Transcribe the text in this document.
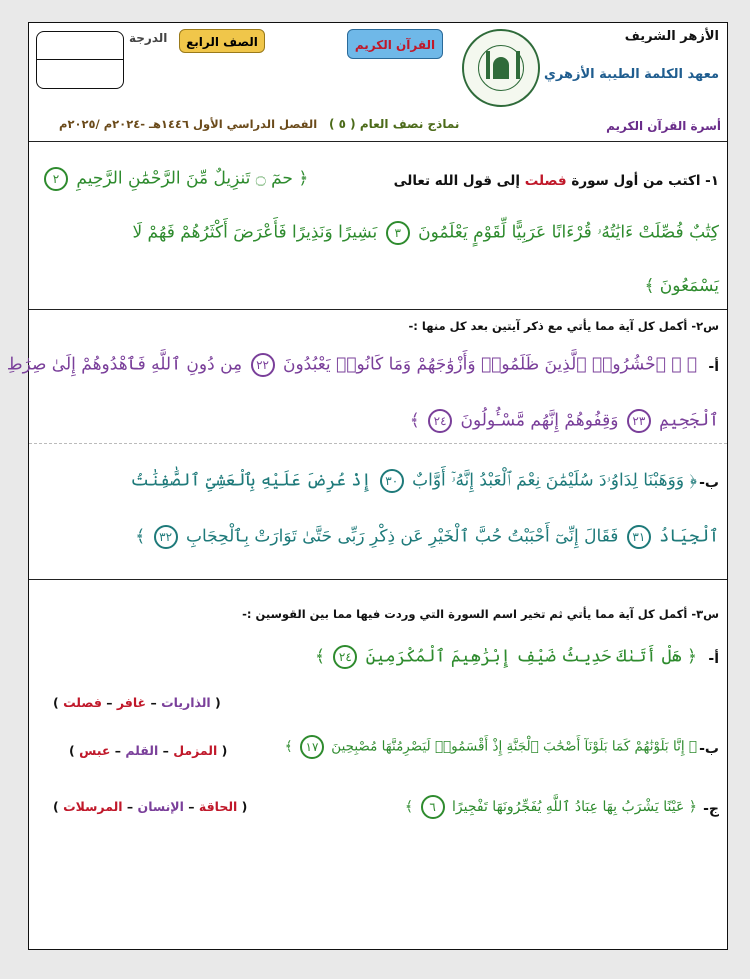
الدرجة	الصف الرابع	القرآن الكريم
الأزهر الشريف
معهد الكلمة الطيبة الأزهري
أسرة القرآن الكريم
نماذج نصف العام ( ٥ )
الفصل الدراسي الأول ١٤٤٦هـ -٢٠٢٤م /٢٠٢٥م
١- اكتب من أول سورة فصلت إلى قول الله تعالى
﴿ حمٓ ۝ تَنزِيلٌ مِّنَ الرَّحْمَٰنِ الرَّحِيمِ ٢
كِتَٰبٌ فُصِّلَتْ ءَايَٰتُهُۥ قُرْءَانًا عَرَبِيًّا لِّقَوْمٍ يَعْلَمُونَ ٣ بَشِيرًا وَنَذِيرًا فَأَعْرَضَ أَكْثَرُهُمْ فَهُمْ لَا
يَسْمَعُونَ ﴾
س٢- أكمل كل آية مما يأتي مع ذكر آيتين بعد كل منها :-
أ-
﴿ ۞ ٱحْشُرُوا۟ ٱلَّذِينَ ظَلَمُوا۟ وَأَزْوَٰجَهُمْ وَمَا كَانُوا۟ يَعْبُدُونَ ٢٢ مِن دُونِ ٱللَّهِ فَٱهْدُوهُمْ إِلَىٰ صِرَٰطِ
ٱلْجَحِيمِ ٢٣ وَقِفُوهُمْ إِنَّهُم مَّسْـُٔولُونَ ٢٤ ﴾
ب-
﴿ وَوَهَبْنَا لِدَاوُۥدَ سُلَيْمَٰنَ نِعْمَ ٱلْعَبْدُ إِنَّهُۥٓ أَوَّابٌ ٣٠ إِذْ عُرِضَ عَلَيْهِ بِٱلْعَشِىِّ ٱلصَّٰفِنَٰتُ
ٱلْجِيَادُ ٣١ فَقَالَ إِنِّىٓ أَحْبَبْتُ حُبَّ ٱلْخَيْرِ عَن ذِكْرِ رَبِّى حَتَّىٰ تَوَارَتْ بِٱلْحِجَابِ ٣٢ ﴾
س٣- أكمل كل آية مما يأتي ثم تخير اسم السورة التي وردت فيها مما بين القوسين :-
أ-
﴿ هَلْ أَتَىٰكَ حَدِيثُ ضَيْفِ إِبْرَٰهِيمَ ٱلْمُكْرَمِينَ ٢٤ ﴾
( الذاريات – غافر – فصلت )
ب-
﴿ إِنَّا بَلَوْنَٰهُمْ كَمَا بَلَوْنَآ أَصْحَٰبَ ٱلْجَنَّةِ إِذْ أَقْسَمُوا۟ لَيَصْرِمُنَّهَا مُصْبِحِينَ ١٧ ﴾
( المزمل – القلم – عبس )
ج-
﴿ عَيْنًا يَشْرَبُ بِهَا عِبَادُ ٱللَّهِ يُفَجِّرُونَهَا تَفْجِيرًا ٦ ﴾
( الحاقة – الإنسان – المرسلات )
